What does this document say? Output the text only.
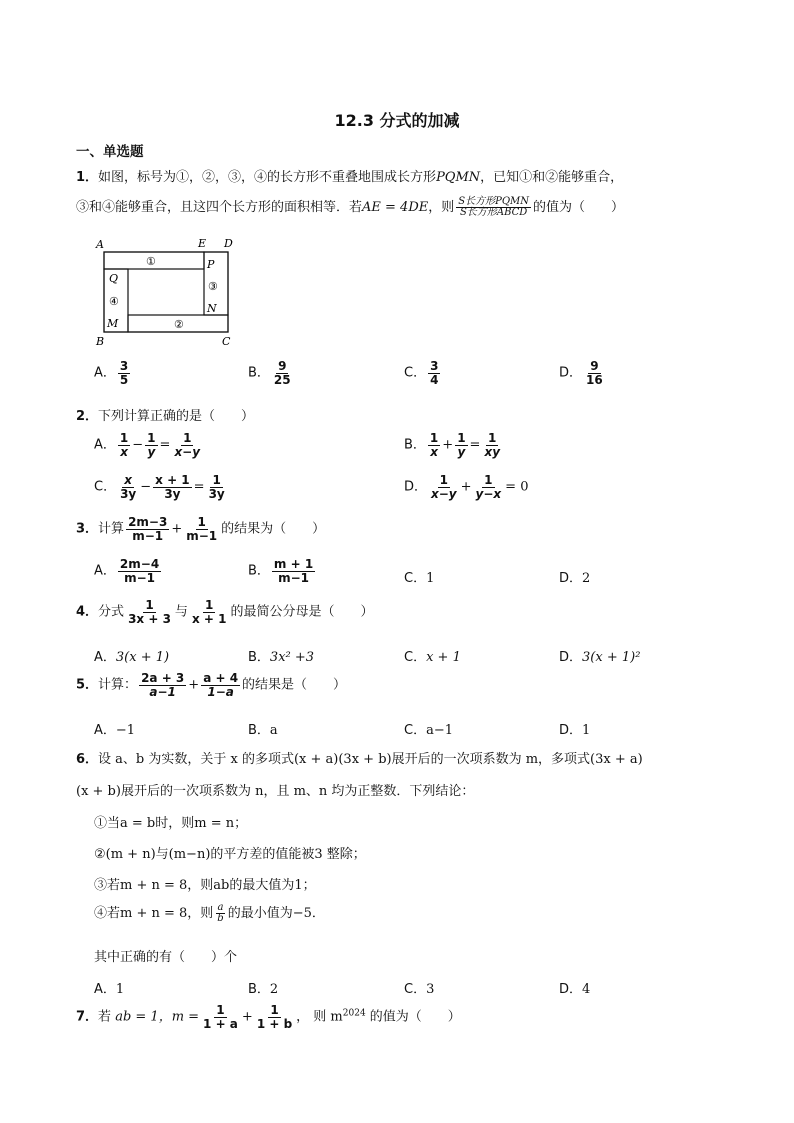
12.3 分式的加减
一、单选题
1．如图，标号为①，②，③，④的长方形不重叠地围成长方形PQMN，已知①和②能够重合，
③和④能够重合，且这四个长方形的面积相等．若AE = 4DE，则 $\frac{\text{S长方形PQMN}}{\text{S长方形ABCD}}$ 的值为（　　）
A	E D
B	C
P
Q
M
N
①
②
③
④
A． $\frac{3}{5}$	B． $\frac{9}{25}$	C． $\frac{3}{4}$	D． $\frac{9}{16}$
2．下列计算正确的是（　　）
A． $\frac{1}{x} - \frac{1}{y} = \frac{1}{x-y}$	B． $\frac{1}{x} + \frac{1}{y} = \frac{1}{xy}$
C． $\frac{x}{3y} - \frac{x + 1}{3y} = \frac{1}{3y}$	D． $\frac{1}{x-y} + \frac{1}{y-x} = 0$
3．计算 $\frac{2m-3}{m-1} + \frac{1}{m-1}$ 的结果为（　　）
A． $\frac{2m-4}{m-1}$	B． $\frac{m + 1}{m-1}$	C．1	D．2
4．分式 $\frac{1}{3x + 3}$ 与 $\frac{1}{x + 1}$ 的最简公分母是（　　）
A．3(x + 1)	B．3x² +3	C．x + 1	D．3(x + 1)²
5．计算： $\frac{2a + 3}{a-1} + \frac{a + 4}{1-a}$ 的结果是（　　）
A．−1	B．a	C．a−1	D．1
6．设 a、b 为实数，关于 x 的多项式(x + a)(3x + b)展开后的一次项系数为 m，多项式(3x + a)
(x + b)展开后的一次项系数为 n，且 m、n 均为正整数．下列结论：
①当a = b时，则m = n；
②(m + n)与(m−n)的平方差的值能被3 整除；
③若m + n = 8，则ab的最大值为1；
④若m + n = 8，则 $\frac{a}{b}$ 的最小值为−5．
其中正确的有（　　）个
A．1	B．2	C．3	D．4
7．若 ab = 1，$m = \frac{1}{1 + a} + \frac{1}{1 + b}$ ， 则 $m^{2024}$ 的值为（　　）
